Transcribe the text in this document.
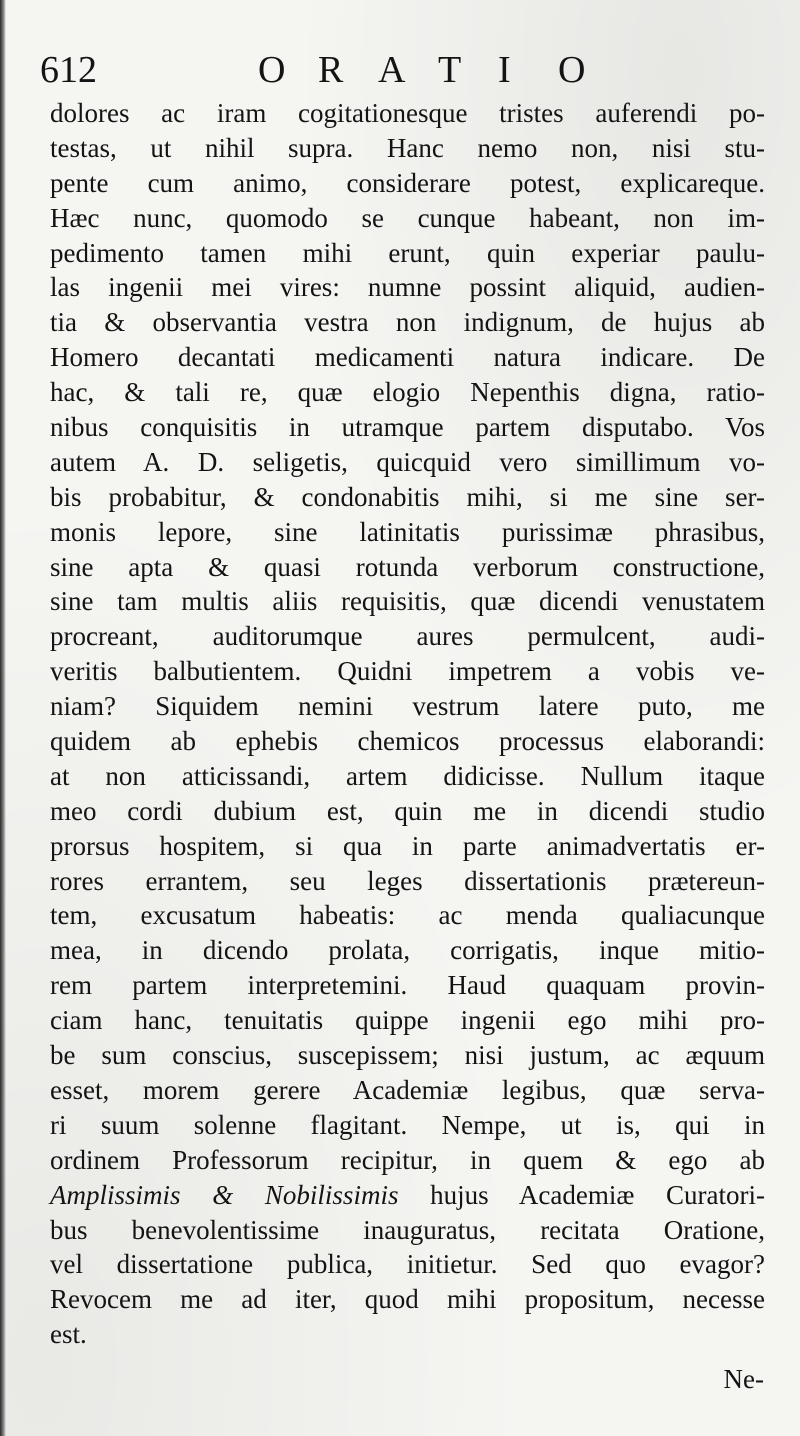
612	O R A T I O
dolores ac iram cogitationesque tristes auferendi po-
testas, ut nihil supra. Hanc nemo non, nisi stu-
pente cum animo, considerare potest, explicareque.
Hæc nunc, quomodo se cunque habeant, non im-
pedimento tamen mihi erunt, quin experiar paulu-
las ingenii mei vires: numne possint aliquid, audien-
tia & observantia vestra non indignum, de hujus ab
Homero decantati medicamenti natura indicare. De
hac, & tali re, quæ elogio Nepenthis digna, ratio-
nibus conquisitis in utramque partem disputabo. Vos
autem A. D. seligetis, quicquid vero simillimum vo-
bis probabitur, & condonabitis mihi, si me sine ser-
monis lepore, sine latinitatis purissimæ phrasibus,
sine apta & quasi rotunda verborum constructione,
sine tam multis aliis requisitis, quæ dicendi venustatem
procreant, auditorumque aures permulcent, audi-
veritis balbutientem. Quidni impetrem a vobis ve-
niam? Siquidem nemini vestrum latere puto, me
quidem ab ephebis chemicos processus elaborandi:
at non atticissandi, artem didicisse. Nullum itaque
meo cordi dubium est, quin me in dicendi studio
prorsus hospitem, si qua in parte animadvertatis er-
rores errantem, seu leges dissertationis prætereun-
tem, excusatum habeatis: ac menda qualiacunque
mea, in dicendo prolata, corrigatis, inque mitio-
rem partem interpretemini. Haud quaquam provin-
ciam hanc, tenuitatis quippe ingenii ego mihi pro-
be sum conscius, suscepissem; nisi justum, ac æquum
esset, morem gerere Academiæ legibus, quæ serva-
ri suum solenne flagitant. Nempe, ut is, qui in
ordinem Professorum recipitur, in quem & ego ab
Amplissimis & Nobilissimis hujus Academiæ Curatori-
bus benevolentissime inauguratus, recitata Oratione,
vel dissertatione publica, initietur. Sed quo evagor?
Revocem me ad iter, quod mihi propositum, necesse
est.
Ne-
